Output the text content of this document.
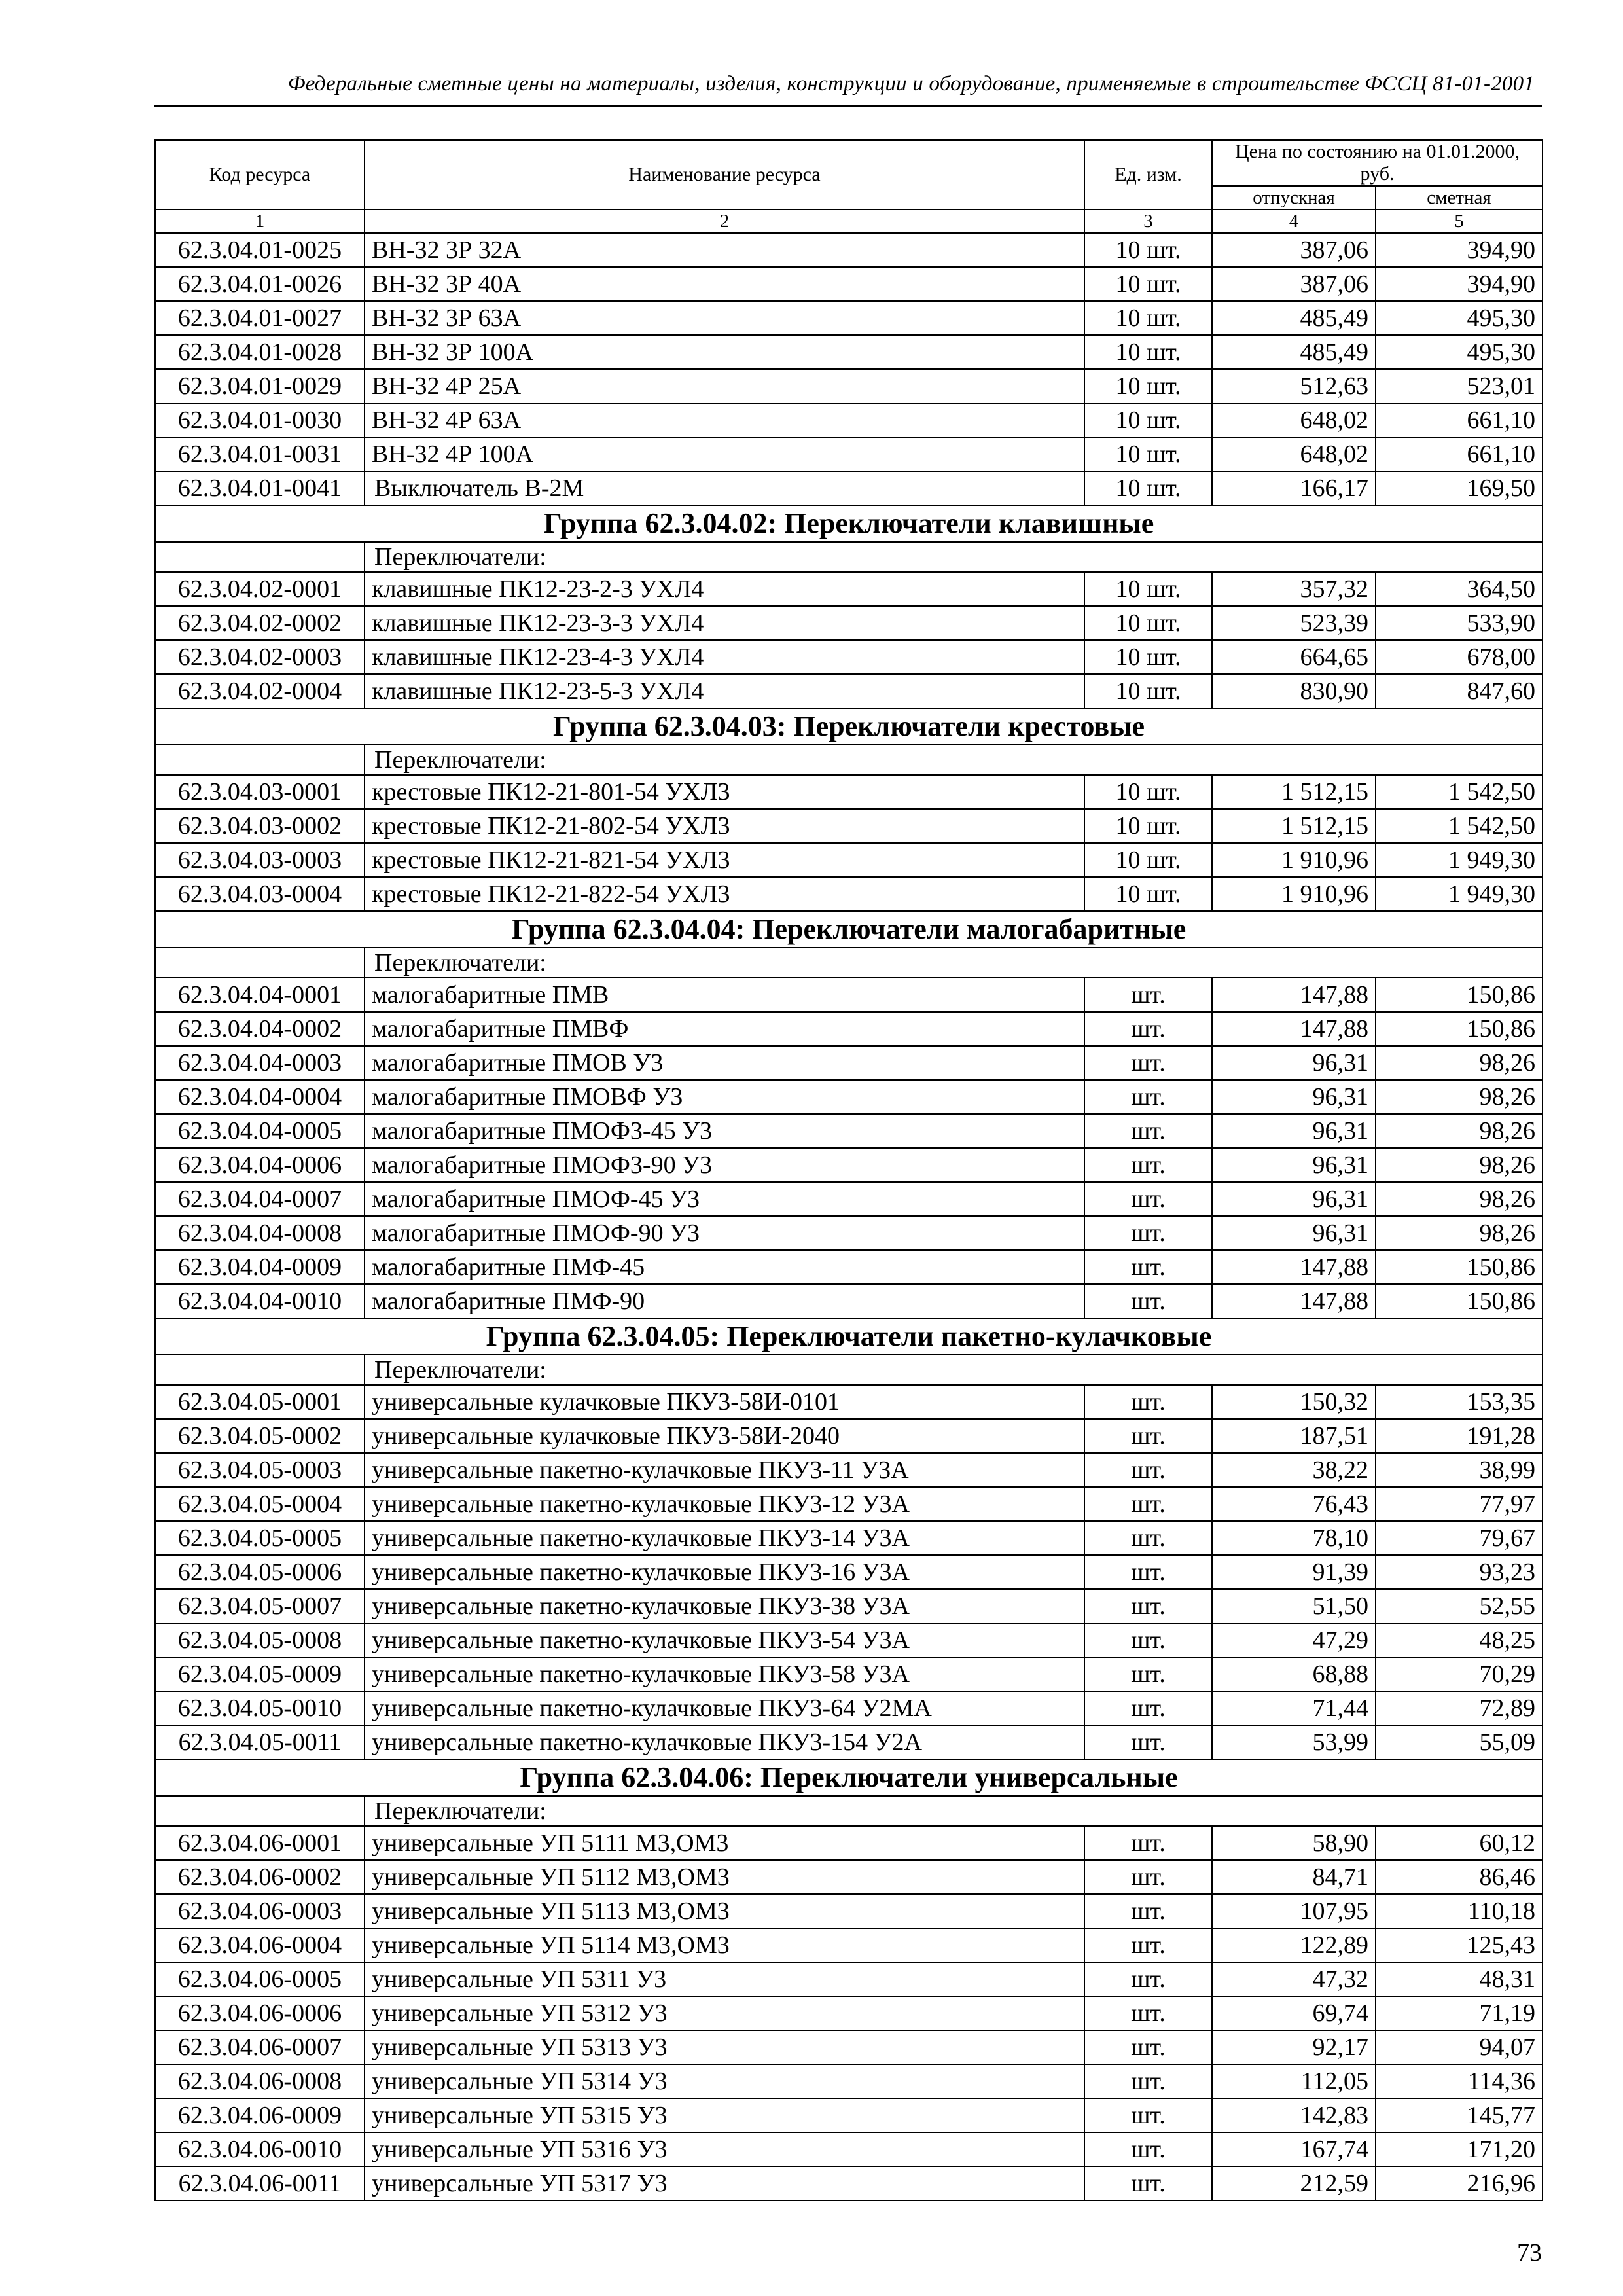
Федеральные сметные цены на материалы, изделия, конструкции и оборудование, применяемые в строительстве ФССЦ 81-01-2001
Код ресурса	Наименование ресурса	Ед. изм.	Цена по состоянию на 01.01.2000, руб.	
			отпускная	сметная
1	2	3	4	5
62.3.04.01-0025	ВН-32 3Р 32А	10 шт.	387,06	394,90
62.3.04.01-0026	ВН-32 3Р 40А	10 шт.	387,06	394,90
62.3.04.01-0027	ВН-32 3Р 63А	10 шт.	485,49	495,30
62.3.04.01-0028	ВН-32 3Р 100А	10 шт.	485,49	495,30
62.3.04.01-0029	ВН-32 4Р 25А	10 шт.	512,63	523,01
62.3.04.01-0030	ВН-32 4Р 63А	10 шт.	648,02	661,10
62.3.04.01-0031	ВН-32 4Р 100А	10 шт.	648,02	661,10
62.3.04.01-0041	Выключатель В-2М	10 шт.	166,17	169,50
Группа 62.3.04.02: Переключатели клавишные				
	Переключатели:			
62.3.04.02-0001	клавишные ПК12-23-2-3 УХЛ4	10 шт.	357,32	364,50
62.3.04.02-0002	клавишные ПК12-23-3-3 УХЛ4	10 шт.	523,39	533,90
62.3.04.02-0003	клавишные ПК12-23-4-3 УХЛ4	10 шт.	664,65	678,00
62.3.04.02-0004	клавишные ПК12-23-5-3 УХЛ4	10 шт.	830,90	847,60
Группа 62.3.04.03: Переключатели крестовые				
	Переключатели:			
62.3.04.03-0001	крестовые ПК12-21-801-54 УХЛ3	10 шт.	1 512,15	1 542,50
62.3.04.03-0002	крестовые ПК12-21-802-54 УХЛ3	10 шт.	1 512,15	1 542,50
62.3.04.03-0003	крестовые ПК12-21-821-54 УХЛ3	10 шт.	1 910,96	1 949,30
62.3.04.03-0004	крестовые ПК12-21-822-54 УХЛ3	10 шт.	1 910,96	1 949,30
Группа 62.3.04.04: Переключатели малогабаритные				
	Переключатели:			
62.3.04.04-0001	малогабаритные ПМВ	шт.	147,88	150,86
62.3.04.04-0002	малогабаритные ПМВФ	шт.	147,88	150,86
62.3.04.04-0003	малогабаритные ПМОВ У3	шт.	96,31	98,26
62.3.04.04-0004	малогабаритные ПМОВФ У3	шт.	96,31	98,26
62.3.04.04-0005	малогабаритные ПМОФ3-45 У3	шт.	96,31	98,26
62.3.04.04-0006	малогабаритные ПМОФ3-90 У3	шт.	96,31	98,26
62.3.04.04-0007	малогабаритные ПМОФ-45 У3	шт.	96,31	98,26
62.3.04.04-0008	малогабаритные ПМОФ-90 У3	шт.	96,31	98,26
62.3.04.04-0009	малогабаритные ПМФ-45	шт.	147,88	150,86
62.3.04.04-0010	малогабаритные ПМФ-90	шт.	147,88	150,86
Группа 62.3.04.05: Переключатели пакетно-кулачковые				
	Переключатели:			
62.3.04.05-0001	универсальные кулачковые ПКУ3-58И-0101	шт.	150,32	153,35
62.3.04.05-0002	универсальные кулачковые ПКУ3-58И-2040	шт.	187,51	191,28
62.3.04.05-0003	универсальные пакетно-кулачковые ПКУ3-11 У3А	шт.	38,22	38,99
62.3.04.05-0004	универсальные пакетно-кулачковые ПКУ3-12 У3А	шт.	76,43	77,97
62.3.04.05-0005	универсальные пакетно-кулачковые ПКУ3-14 У3А	шт.	78,10	79,67
62.3.04.05-0006	универсальные пакетно-кулачковые ПКУ3-16 У3А	шт.	91,39	93,23
62.3.04.05-0007	универсальные пакетно-кулачковые ПКУ3-38 У3А	шт.	51,50	52,55
62.3.04.05-0008	универсальные пакетно-кулачковые ПКУ3-54 У3А	шт.	47,29	48,25
62.3.04.05-0009	универсальные пакетно-кулачковые ПКУ3-58 У3А	шт.	68,88	70,29
62.3.04.05-0010	универсальные пакетно-кулачковые ПКУ3-64 У2МА	шт.	71,44	72,89
62.3.04.05-0011	универсальные пакетно-кулачковые ПКУ3-154 У2А	шт.	53,99	55,09
Группа 62.3.04.06: Переключатели универсальные				
	Переключатели:			
62.3.04.06-0001	универсальные УП 5111 М3,ОМ3	шт.	58,90	60,12
62.3.04.06-0002	универсальные УП 5112 М3,ОМ3	шт.	84,71	86,46
62.3.04.06-0003	универсальные УП 5113 М3,ОМ3	шт.	107,95	110,18
62.3.04.06-0004	универсальные УП 5114 М3,ОМ3	шт.	122,89	125,43
62.3.04.06-0005	универсальные УП 5311 У3	шт.	47,32	48,31
62.3.04.06-0006	универсальные УП 5312 У3	шт.	69,74	71,19
62.3.04.06-0007	универсальные УП 5313 У3	шт.	92,17	94,07
62.3.04.06-0008	универсальные УП 5314 У3	шт.	112,05	114,36
62.3.04.06-0009	универсальные УП 5315 У3	шт.	142,83	145,77
62.3.04.06-0010	универсальные УП 5316 У3	шт.	167,74	171,20
62.3.04.06-0011	универсальные УП 5317 У3	шт.	212,59	216,96
73
